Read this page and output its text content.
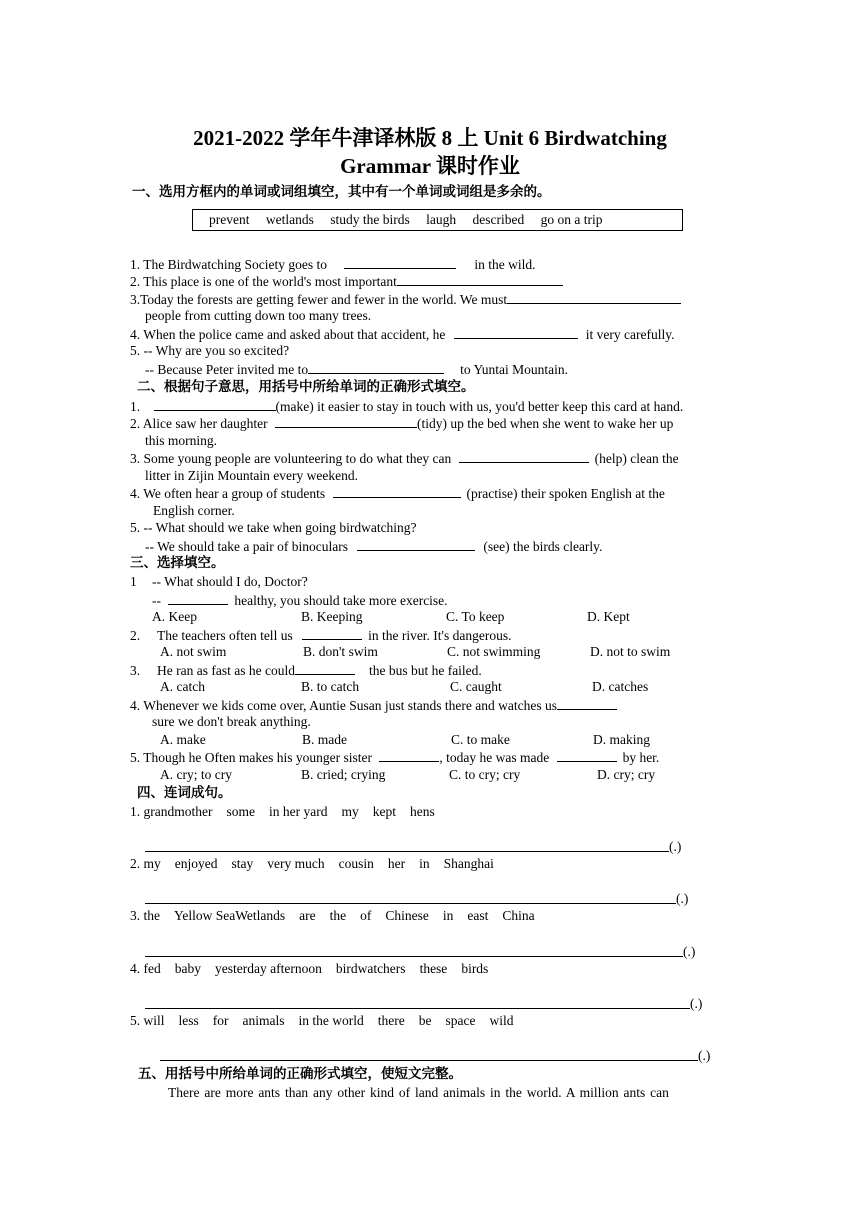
2021-2022 学年牛津译林版 8 上 Unit 6 Birdwatching
Grammar 课时作业
一、选用方框内的单词或词组填空，其中有一个单词或词组是多余的。
prevent wetlands study the birds laugh described go on a trip
1. The Birdwatching Society goes to	in the wild.
2. This place is one of the world's most important
3.Today the forests are getting fewer and fewer in the world. We must
people from cutting down too many trees.
4. When the police came and asked about that accident, he	it very carefully.
5. -- Why are you so excited?
-- Because Peter invited me to	to Yuntai Mountain.
二、根据句子意思，用括号中所给单词的正确形式填空。
1.	(make) it easier to stay in touch with us, you'd better keep this card at hand.
2. Alice saw her daughter	(tidy) up the bed when she went to wake her up
this morning.
3. Some young people are volunteering to do what they can	(help) clean the
litter in Zijin Mountain every weekend.
4. We often hear a group of students	(practise) their spoken English at the
English corner.
5. -- What should we take when going birdwatching?
-- We should take a pair of binoculars	(see) the birds clearly.
三、选择填空。
1 -- What should I do, Doctor?
--	healthy, you should take more exercise.
A. Keep	B. Keeping	C. To keep	D. Kept
2. The teachers often tell us	in the river. It's dangerous.
A. not swim	B. don't swim	C. not swimming	D. not to swim
3. He ran as fast as he could	the bus but he failed.
A. catch	B. to catch	C. caught	D. catches
4. Whenever we kids come over, Auntie Susan just stands there and watches us
sure we don't break anything.
A. make	B. made	C. to make	D. making
5. Though he Often makes his younger sister	, today he was made	by her.
A. cry; to cry	B. cried; crying	C. to cry; cry	D. cry; cry
四、连词成句。
1. grandmother some in her yard my kept hens
(.)
2. my enjoyed stay very much cousin her in Shanghai
(.)
3. the Yellow SeaWetlands are the of Chinese in east China
(.)
4. fed baby yesterday afternoon birdwatchers these birds
(.)
5. will less for animals in the world there be space wild
(.)
五、用括号中所给单词的正确形式填空，使短文完整。
There are more ants than any other kind of land animals in the world. A million ants can
